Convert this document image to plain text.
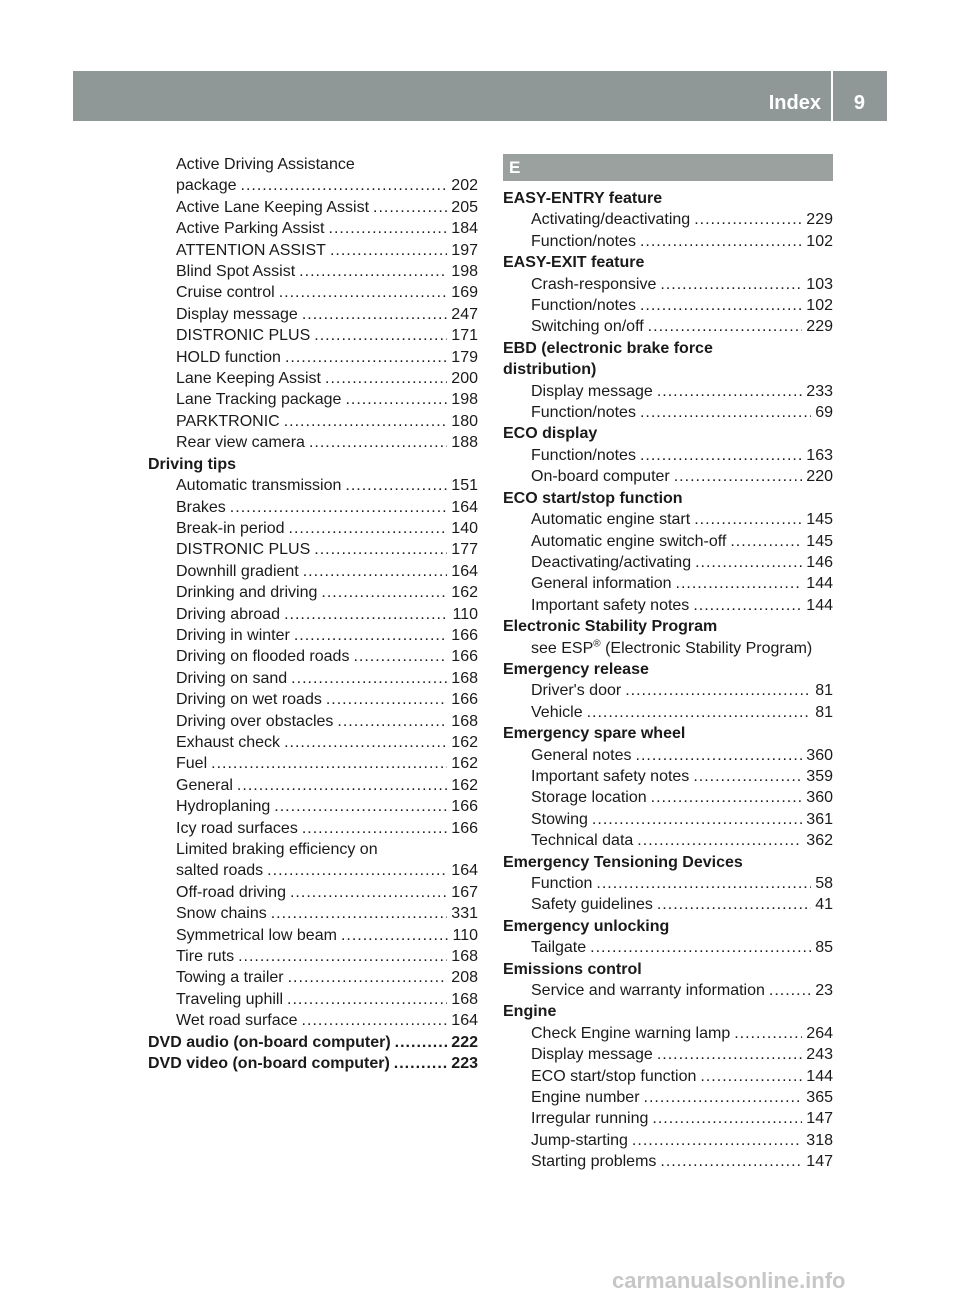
Index 9
Active Driving Assistance
package .....	202
Active Lane Keeping Assist .....	205
Active Parking Assist .....	184
ATTENTION ASSIST .....	197
Blind Spot Assist .....	198
Cruise control .....	169
Display message .....	247
DISTRONIC PLUS .....	171
HOLD function .....	179
Lane Keeping Assist .....	200
Lane Tracking package .....	198
PARKTRONIC .....	180
Rear view camera .....	188
Driving tips
Automatic transmission .....	151
Brakes .....	164
Break-in period .....	140
DISTRONIC PLUS .....	177
Downhill gradient .....	164
Drinking and driving .....	162
Driving abroad .....	110
Driving in winter .....	166
Driving on flooded roads .....	166
Driving on sand .....	168
Driving on wet roads .....	166
Driving over obstacles .....	168
Exhaust check .....	162
Fuel .....	162
General .....	162
Hydroplaning .....	166
Icy road surfaces .....	166
Limited braking efficiency on
salted roads .....	164
Off-road driving .....	167
Snow chains .....	331
Symmetrical low beam .....	110
Tire ruts .....	168
Towing a trailer .....	208
Traveling uphill .....	168
Wet road surface .....	164
DVD audio (on-board computer) .....	222
DVD video (on-board computer) .....	223
E
EASY-ENTRY feature
Activating/deactivating .....	229
Function/notes .....	102
EASY-EXIT feature
Crash-responsive .....	103
Function/notes .....	102
Switching on/off .....	229
EBD (electronic brake force
distribution)
Display message .....	233
Function/notes .....	69
ECO display
Function/notes .....	163
On-board computer .....	220
ECO start/stop function
Automatic engine start .....	145
Automatic engine switch-off .....	145
Deactivating/activating .....	146
General information .....	144
Important safety notes .....	144
Electronic Stability Program
see ESP® (Electronic Stability Program)
Emergency release
Driver's door .....	81
Vehicle .....	81
Emergency spare wheel
General notes .....	360
Important safety notes .....	359
Storage location .....	360
Stowing .....	361
Technical data .....	362
Emergency Tensioning Devices
Function .....	58
Safety guidelines .....	41
Emergency unlocking
Tailgate .....	85
Emissions control
Service and warranty information .....	23
Engine
Check Engine warning lamp .....	264
Display message .....	243
ECO start/stop function .....	144
Engine number .....	365
Irregular running .....	147
Jump-starting .....	318
Starting problems .....	147
carmanualsonline.info
